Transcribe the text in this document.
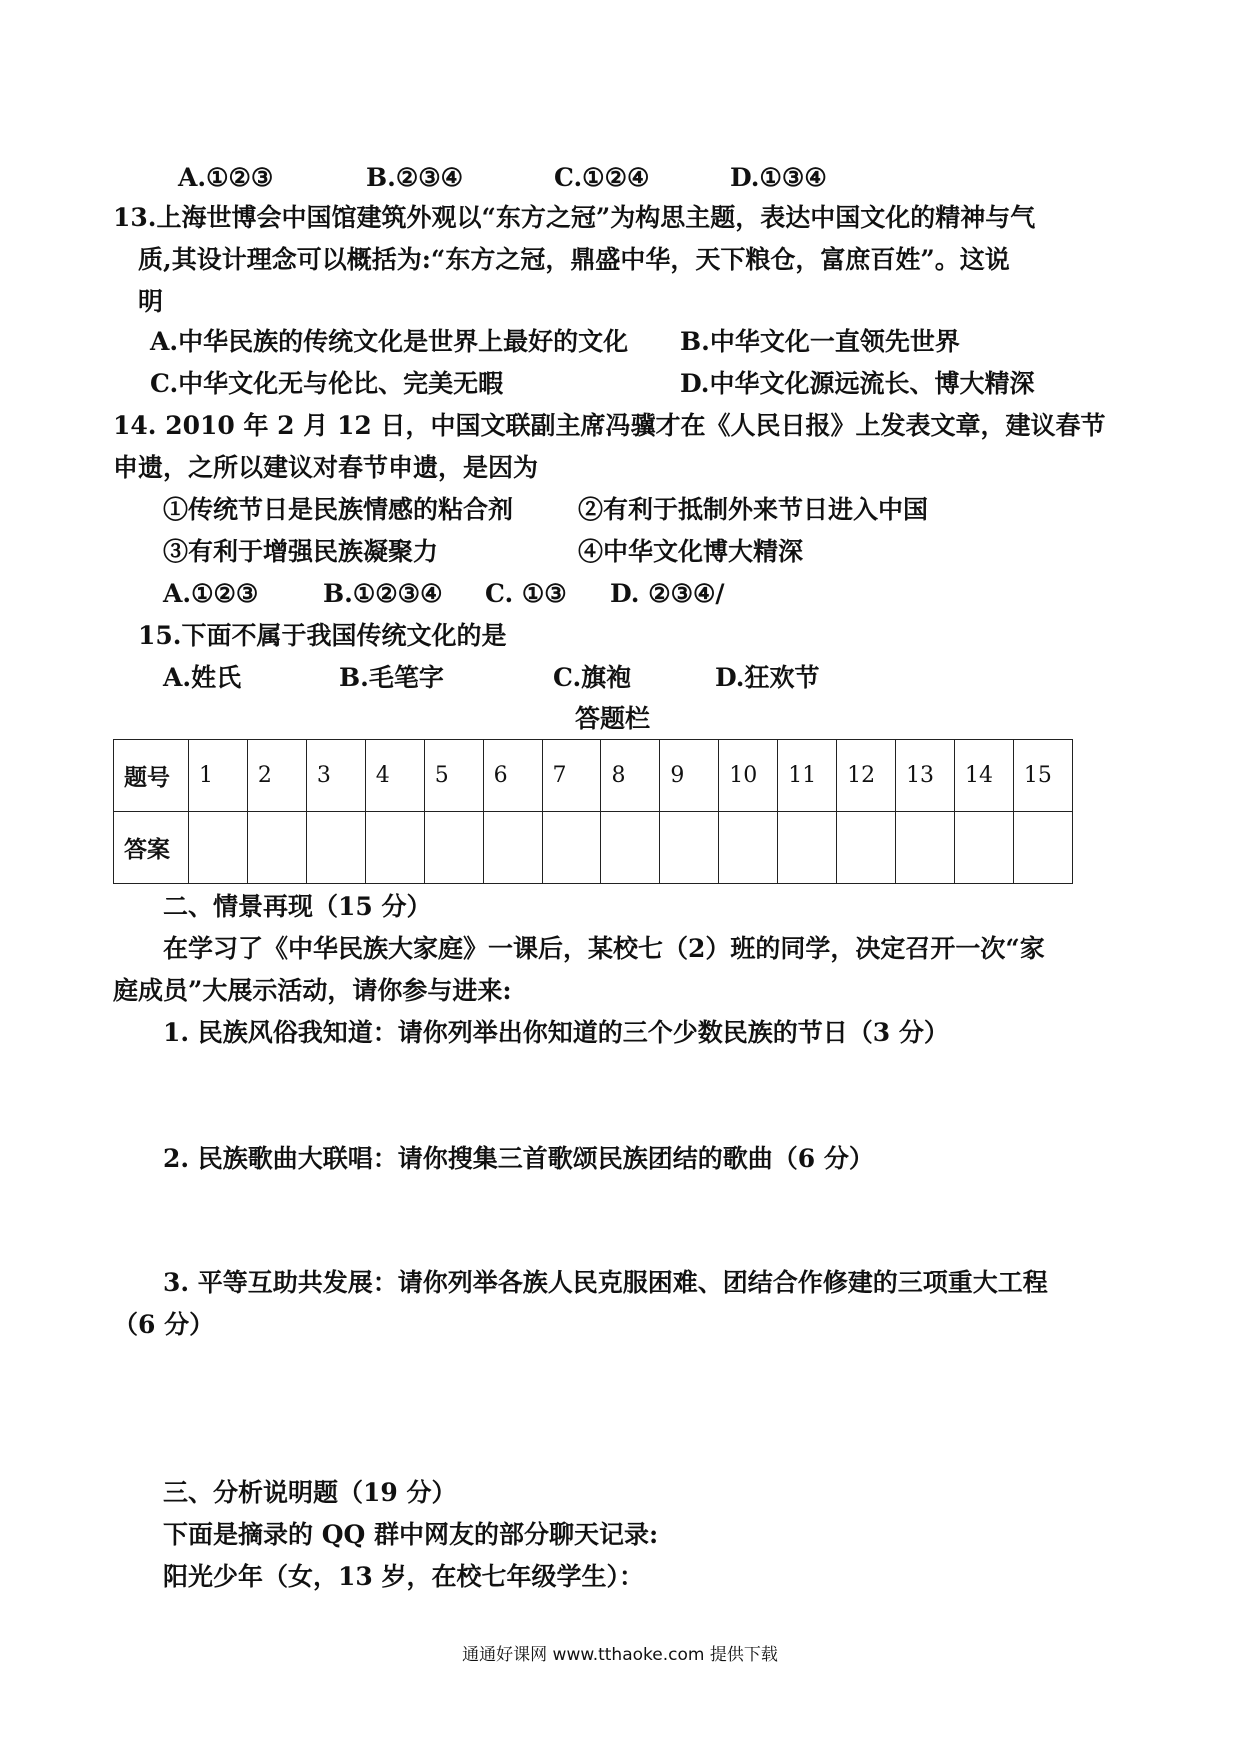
A.①②③	B.②③④	C.①②④	D.①③④
13.上海世博会中国馆建筑外观以“东方之冠”为构思主题，表达中国文化的精神与气
质,其设计理念可以概括为:“东方之冠，鼎盛中华，天下粮仓，富庶百姓”。这说
明
A.中华民族的传统文化是世界上最好的文化 B.中华文化一直领先世界
C.中华文化无与伦比、完美无暇	D.中华文化源远流长、博大精深
14. 2010 年 2 月 12 日，中国文联副主席冯骥才在《人民日报》上发表文章，建议春节
申遗，之所以建议对春节申遗，是因为
①传统节日是民族情感的粘合剂	②有利于抵制外来节日进入中国
③有利于增强民族凝聚力	④中华文化博大精深
A.①②③	B.①②③④ C. ①③ D. ②③④/
15.下面不属于我国传统文化的是
A.姓氏	B.毛笔字	C.旗袍	D.狂欢节
答题栏
题号	1	2	3	4	5	6	7	8	9	10	11	12	13	14	15
答案															
二、情景再现（15 分）
在学习了《中华民族大家庭》一课后，某校七（2）班的同学，决定召开一次“家
庭成员”大展示活动，请你参与进来:
1. 民族风俗我知道：请你列举出你知道的三个少数民族的节日（3 分）
2. 民族歌曲大联唱：请你搜集三首歌颂民族团结的歌曲（6 分）
3. 平等互助共发展：请你列举各族人民克服困难、团结合作修建的三项重大工程
（6 分）
三、分析说明题（19 分）
下面是摘录的 QQ 群中网友的部分聊天记录:
阳光少年（女，13 岁，在校七年级学生）：
通通好课网 www.tthaoke.com 提供下载
